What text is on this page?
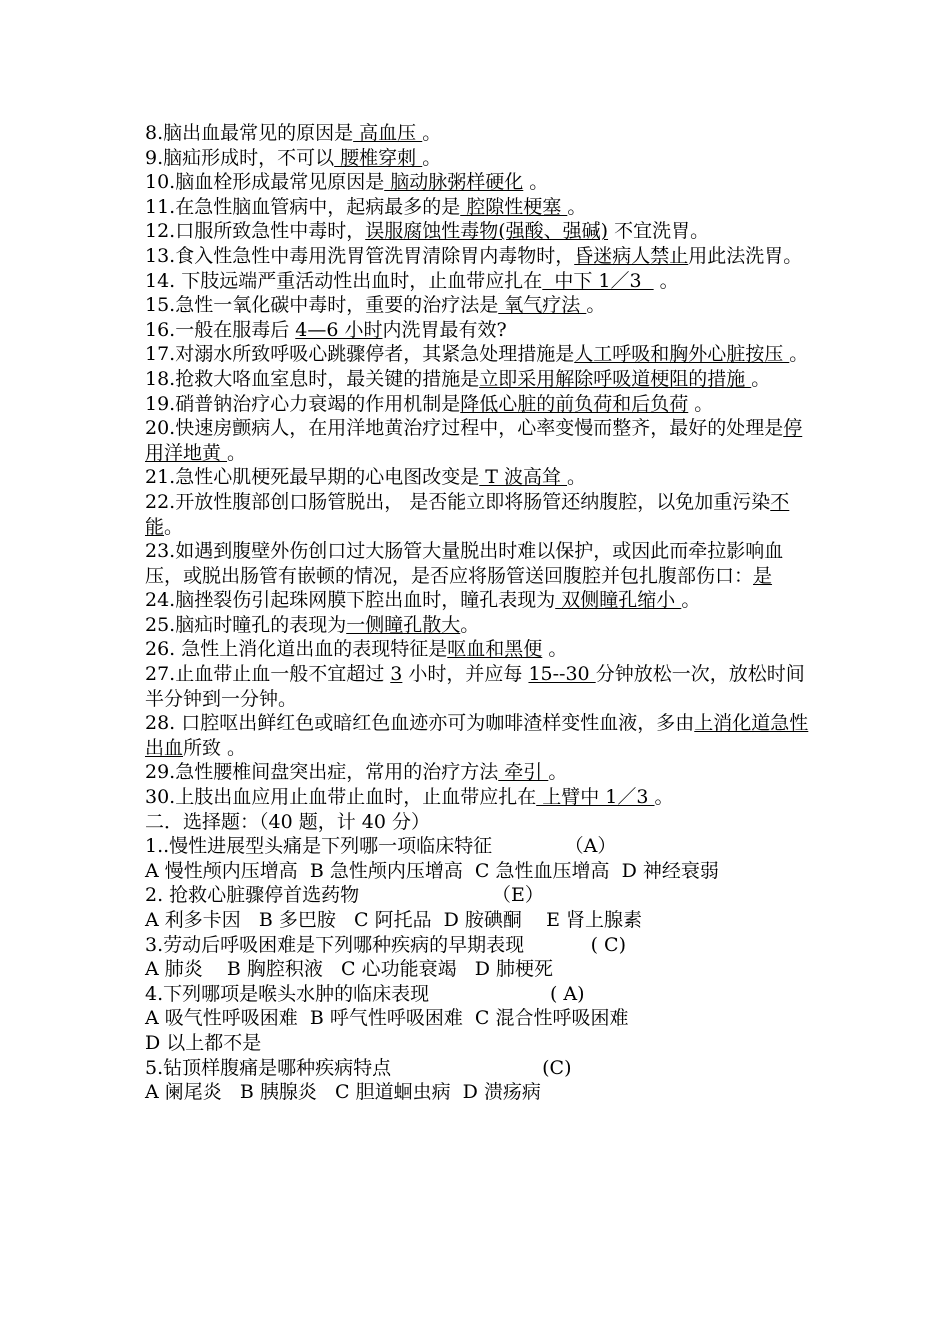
8.脑出血最常见的原因是 高血压 。

9.脑疝形成时，不可以 腰椎穿刺 。

10.脑血栓形成最常见原因是 脑动脉粥样硬化 。

11.在急性脑血管病中，起病最多的是 腔隙性梗塞 。

12.口服所致急性中毒时，误服腐蚀性毒物(强酸、强碱) 不宜洗胃。

13.食入性急性中毒用洗胃管洗胃清除胃内毒物时，昏迷病人禁止用此法洗胃。

14. 下肢远端严重活动性出血时，止血带应扎在  中下 1／3   。

15.急性一氧化碳中毒时，重要的治疗法是 氧气疗法 。

16.一般在服毒后 4—6 小时内洗胃最有效?

17.对溺水所致呼吸心跳骤停者，其紧急处理措施是人工呼吸和胸外心脏按压 。

18.抢救大咯血室息时，最关键的措施是立即采用解除呼吸道梗阻的措施 。

19.硝普钠治疗心力衰竭的作用机制是降低心脏的前负荷和后负荷 。

20.快速房颤病人，在用洋地黄治疗过程中，心率变慢而整齐，最好的处理是停用洋地黄 。

21.急性心肌梗死最早期的心电图改变是 T 波高耸 。

22.开放性腹部创口肠管脱出， 是否能立即将肠管还纳腹腔，以免加重污染不能。

23.如遇到腹壁外伤创口过大肠管大量脱出时难以保护，或因此而牵拉影响血压，或脱出肠管有嵌顿的情况，是否应将肠管送回腹腔并包扎腹部伤口：是

24.脑挫裂伤引起珠网膜下腔出血时，瞳孔表现为 双侧瞳孔缩小 。

25.脑疝时瞳孔的表现为一侧瞳孔散大。

26. 急性上消化道出血的表现特征是呕血和黑便 。

27.止血带止血一般不宜超过 3 小时，并应每 15--30 分钟放松一次，放松时间半分钟到一分钟。

28. 口腔呕出鲜红色或暗红色血迹亦可为咖啡渣样变性血液，多由上消化道急性出血所致 。

29.急性腰椎间盘突出症，常用的治疗方法 牵引 。

30.上肢出血应用止血带止血时，止血带应扎在 上臂中 1／3 。

二．选择题：（40 题，计 40 分）

1..慢性进展型头痛是下列哪一项临床特征	（A）

A 慢性颅内压增高  B 急性颅内压增高  C 急性血压增高  D 神经衰弱

2. 抢救心脏骤停首选药物	（E）

A 利多卡因   B 多巴胺   C 阿托品  D 胺碘酮    E 肾上腺素

3.劳动后呼吸困难是下列哪种疾病的早期表现	( C)

A 肺炎    B 胸腔积液   C 心功能衰竭   D 肺梗死

4.下列哪项是喉头水肿的临床表现	( A)

A 吸气性呼吸困难  B 呼气性呼吸困难  C 混合性呼吸困难

D 以上都不是

5.钻顶样腹痛是哪种疾病特点	(C)

A 阑尾炎   B 胰腺炎   C 胆道蛔虫病  D 溃疡病
